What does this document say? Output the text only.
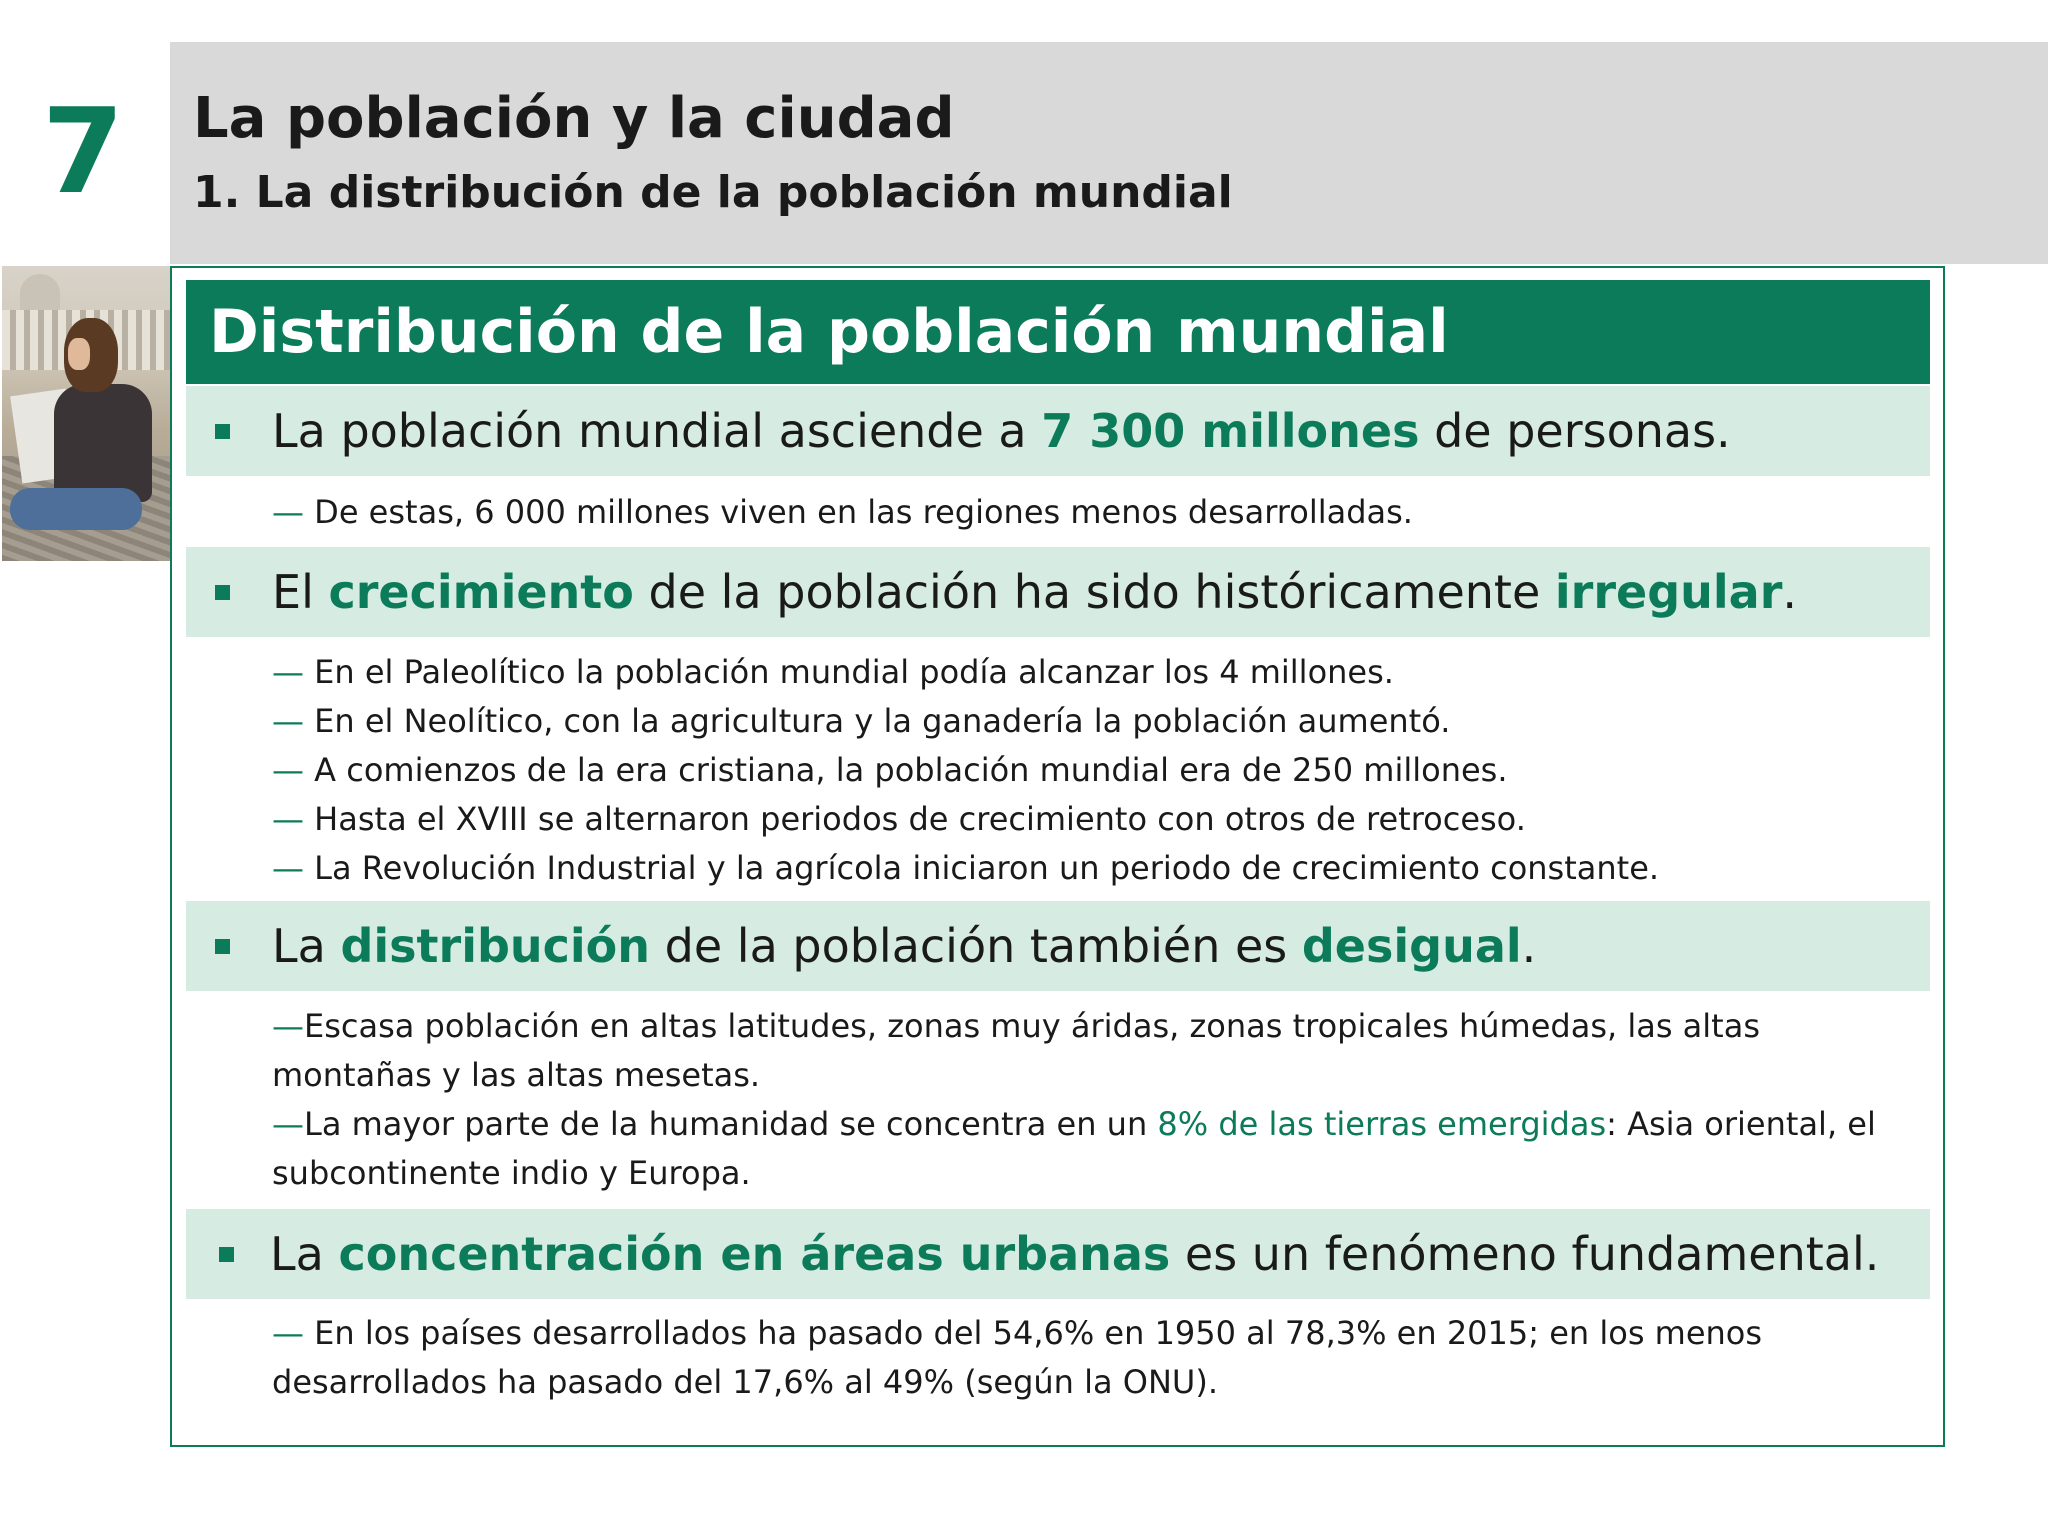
7 La población y la ciudad
1. La distribución de la población mundial
Distribución de la población mundial
La población mundial asciende a 7 300 millones de personas.
— De estas, 6 000 millones viven en las regiones menos desarrolladas.
El crecimiento de la población ha sido históricamente irregular.
— En el Paleolítico la población mundial podía alcanzar los 4 millones.
— En el Neolítico, con la agricultura y la ganadería la población aumentó.
— A comienzos de la era cristiana, la población mundial era de 250 millones.
— Hasta el XVIII se alternaron periodos de crecimiento con otros de retroceso.
— La Revolución Industrial y la agrícola iniciaron un periodo de crecimiento constante.
La distribución de la población también es desigual.
—Escasa población en altas latitudes, zonas muy áridas, zonas tropicales húmedas, las altas montañas y las altas mesetas.
—La mayor parte de la humanidad se concentra en un 8% de las tierras emergidas: Asia oriental, el subcontinente indio y Europa.
La concentración en áreas urbanas es un fenómeno fundamental.
— En los países desarrollados ha pasado del 54,6% en 1950 al 78,3% en 2015; en los menos desarrollados ha pasado del 17,6% al 49% (según la ONU).
